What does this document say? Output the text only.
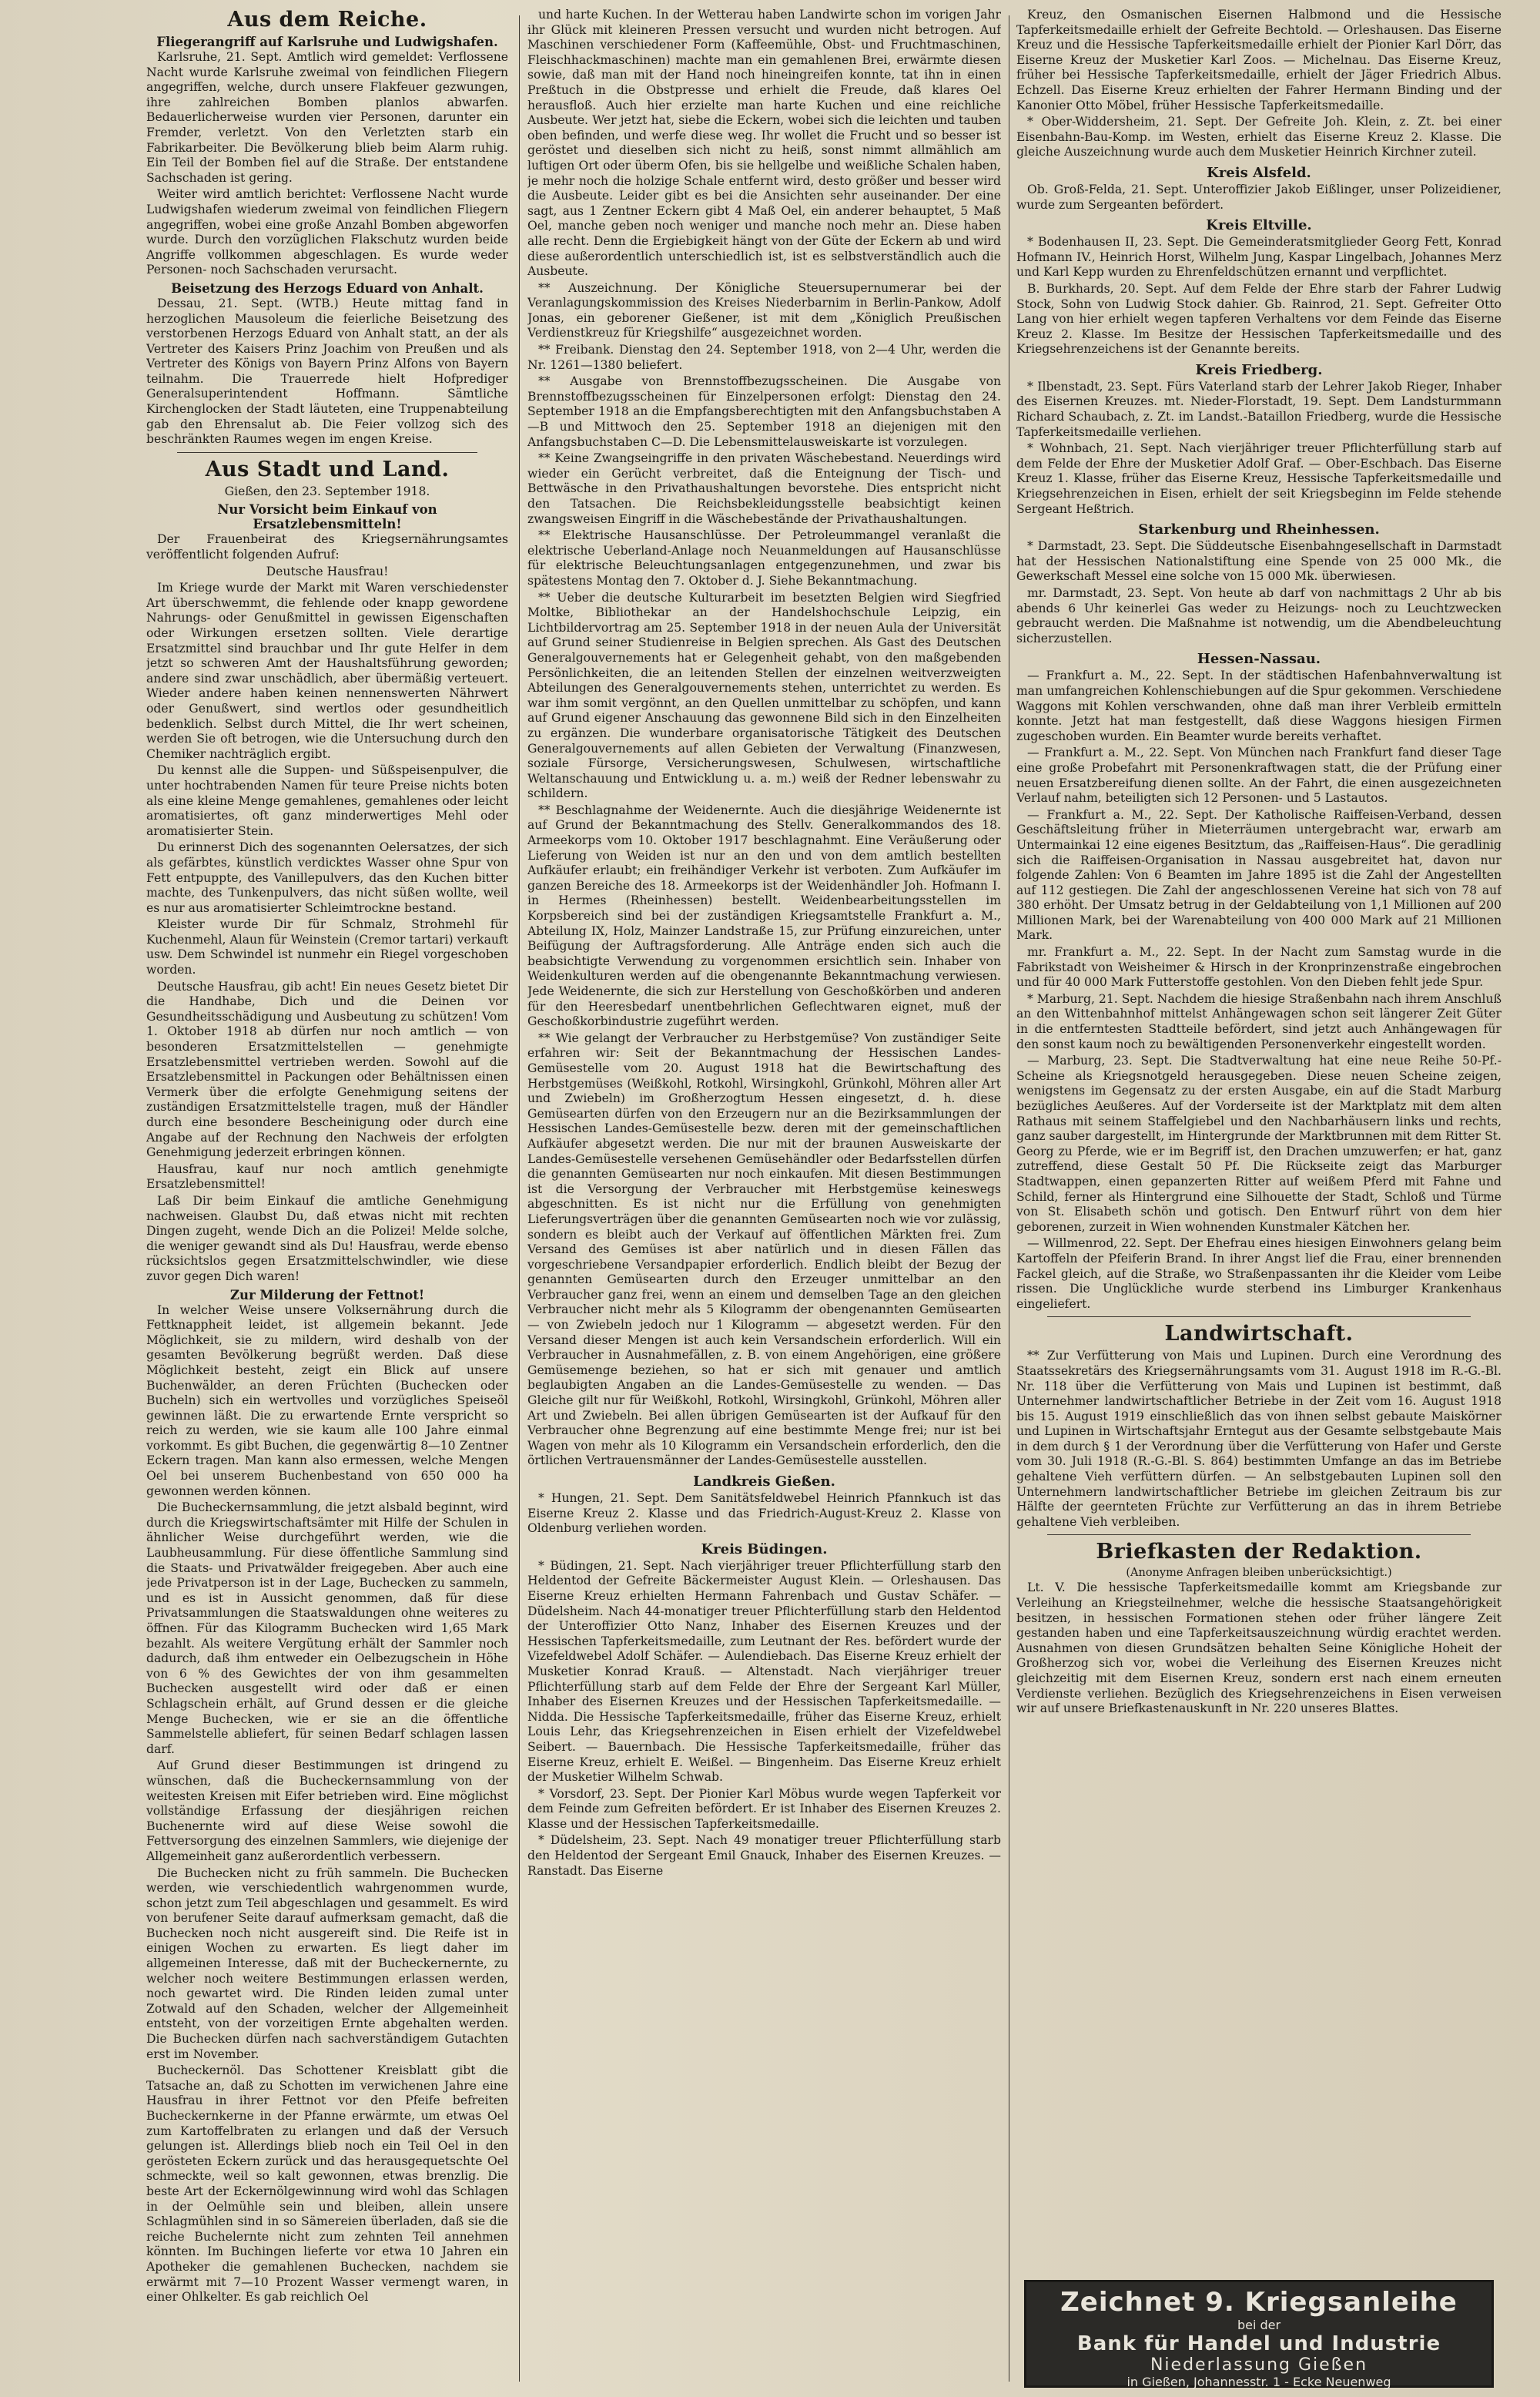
Aus dem Reiche.
Fliegerangriff auf Karlsruhe und Ludwigshafen.

Karlsruhe, 21. Sept. Amtlich wird gemeldet: Verflossene Nacht wurde Karlsruhe zweimal von feindlichen Fliegern angegriffen, welche, durch unsere Flakfeuer gezwungen, ihre zahlreichen Bomben planlos abwarfen. Bedauerlicherweise wurden vier Personen, darunter ein Fremder, verletzt. Von den Verletzten starb ein Fabrikarbeiter. Die Bevölkerung blieb beim Alarm ruhig. Ein Teil der Bomben fiel auf die Straße. Der entstandene Sachschaden ist gering.

Weiter wird amtlich berichtet: Verflossene Nacht wurde Ludwigshafen wiederum zweimal von feindlichen Fliegern angegriffen, wobei eine große Anzahl Bomben abgeworfen wurde. Durch den vorzüglichen Flakschutz wurden beide Angriffe vollkommen abgeschlagen. Es wurde weder Personen- noch Sachschaden verursacht.

Beisetzung des Herzogs Eduard von Anhalt.

Dessau, 21. Sept. (WTB.) Heute mittag fand in herzoglichen Mausoleum die feierliche Beisetzung des verstorbenen Herzogs Eduard von Anhalt statt, an der als Vertreter des Kaisers Prinz Joachim von Preußen und als Vertreter des Königs von Bayern Prinz Alfons von Bayern teilnahm. Die Trauerrede hielt Hofprediger Generalsuperintendent Hoffmann. Sämtliche Kirchenglocken der Stadt läuteten, eine Truppenabteilung gab den Ehrensalut ab. Die Feier vollzog sich des beschränkten Raumes wegen im engen Kreise.

Aus Stadt und Land.
Gießen, den 23. September 1918.
Nur Vorsicht beim Einkauf von Ersatzlebensmitteln!

Der Frauenbeirat des Kriegsernährungsamtes veröffentlicht folgenden Aufruf:

Deutsche Hausfrau!

Im Kriege wurde der Markt mit Waren verschiedenster Art überschwemmt, die fehlende oder knapp gewordene Nahrungs- oder Genußmittel in gewissen Eigenschaften oder Wirkungen ersetzen sollten. Viele derartige Ersatzmittel sind brauchbar und Ihr gute Helfer in dem jetzt so schweren Amt der Haushaltsführung geworden; andere sind zwar unschädlich, aber übermäßig verteuert. Wieder andere haben keinen nennenswerten Nährwert oder Genußwert, sind wertlos oder gesundheitlich bedenklich. Selbst durch Mittel, die Ihr wert scheinen, werden Sie oft betrogen, wie die Untersuchung durch den Chemiker nachträglich ergibt.

Du kennst alle die Suppen- und Süßspeisenpulver, die unter hochtrabenden Namen für teure Preise nichts boten als eine kleine Menge gemahlenes, gemahlenes oder leicht aromatisiertes, oft ganz minderwertiges Mehl oder aromatisierter Stein.

Du erinnerst Dich des sogenannten Oelersatzes, der sich als gefärbtes, künstlich verdicktes Wasser ohne Spur von Fett entpuppte, des Vanillepulvers, das den Kuchen bitter machte, des Tunkenpulvers, das nicht süßen wollte, weil es nur aus aromatisierter Schleimtrockne bestand.

Kleister wurde Dir für Schmalz, Strohmehl für Kuchenmehl, Alaun für Weinstein (Cremor tartari) verkauft usw. Dem Schwindel ist nunmehr ein Riegel vorgeschoben worden.

Deutsche Hausfrau, gib acht! Ein neues Gesetz bietet Dir die Handhabe, Dich und die Deinen vor Gesundheitsschädigung und Ausbeutung zu schützen! Vom 1. Oktober 1918 ab dürfen nur noch amtlich — von besonderen Ersatzmittelstellen — genehmigte Ersatzlebensmittel vertrieben werden. Sowohl auf die Ersatzlebensmittel in Packungen oder Behältnissen einen Vermerk über die erfolgte Genehmigung seitens der zuständigen Ersatzmittelstelle tragen, muß der Händler durch eine besondere Bescheinigung oder durch eine Angabe auf der Rechnung den Nachweis der erfolgten Genehmigung jederzeit erbringen können.

Hausfrau, kauf nur noch amtlich genehmigte Ersatzlebensmittel!

Laß Dir beim Einkauf die amtliche Genehmigung nachweisen. Glaubst Du, daß etwas nicht mit rechten Dingen zugeht, wende Dich an die Polizei! Melde solche, die weniger gewandt sind als Du! Hausfrau, werde ebenso rücksichtslos gegen Ersatzmittelschwindler, wie diese zuvor gegen Dich waren!

Zur Milderung der Fettnot!

In welcher Weise unsere Volksernährung durch die Fettknappheit leidet, ist allgemein bekannt. Jede Möglichkeit, sie zu mildern, wird deshalb von der gesamten Bevölkerung begrüßt werden. Daß diese Möglichkeit besteht, zeigt ein Blick auf unsere Buchenwälder, an deren Früchten (Buchecken oder Bucheln) sich ein wertvolles und vorzügliches Speiseöl gewinnen läßt. Die zu erwartende Ernte verspricht so reich zu werden, wie sie kaum alle 100 Jahre einmal vorkommt. Es gibt Buchen, die gegenwärtig 8—10 Zentner Eckern tragen. Man kann also ermessen, welche Mengen Oel bei unserem Buchenbestand von 650 000 ha gewonnen werden können.

Die Bucheckernsammlung, die jetzt alsbald beginnt, wird durch die Kriegswirtschaftsämter mit Hilfe der Schulen in ähnlicher Weise durchgeführt werden, wie die Laubheusammlung. Für diese öffentliche Sammlung sind die Staats- und Privatwälder freigegeben. Aber auch eine jede Privatperson ist in der Lage, Buchecken zu sammeln, und es ist in Aussicht genommen, daß für diese Privatsammlungen die Staatswaldungen ohne weiteres zu öffnen. Für das Kilogramm Buchecken wird 1,65 Mark bezahlt. Als weitere Vergütung erhält der Sammler noch dadurch, daß ihm entweder ein Oelbezugschein in Höhe von 6 % des Gewichtes der von ihm gesammelten Buchecken ausgestellt wird oder daß er einen Schlagschein erhält, auf Grund dessen er die gleiche Menge Buchecken, wie er sie an die öffentliche Sammelstelle abliefert, für seinen Bedarf schlagen lassen darf.

Auf Grund dieser Bestimmungen ist dringend zu wünschen, daß die Bucheckernsammlung von der weitesten Kreisen mit Eifer betrieben wird. Eine möglichst vollständige Erfassung der diesjährigen reichen Buchenernte wird auf diese Weise sowohl die Fettversorgung des einzelnen Sammlers, wie diejenige der Allgemeinheit ganz außerordentlich verbessern.

Die Buchecken nicht zu früh sammeln. Die Buchecken werden, wie verschiedentlich wahrgenommen wurde, schon jetzt zum Teil abgeschlagen und gesammelt. Es wird von berufener Seite darauf aufmerksam gemacht, daß die Buchecken noch nicht ausgereift sind. Die Reife ist in einigen Wochen zu erwarten. Es liegt daher im allgemeinen Interesse, daß mit der Bucheckernernte, zu welcher noch weitere Bestimmungen erlassen werden, noch gewartet wird. Die Rinden leiden zumal unter Zotwald auf den Schaden, welcher der Allgemeinheit entsteht, von der vorzeitigen Ernte abgehalten werden. Die Buchecken dürfen nach sachverständigem Gutachten erst im November.

Bucheckernöl. Das Schottener Kreisblatt gibt die Tatsache an, daß zu Schotten im verwichenen Jahre eine Hausfrau in ihrer Fettnot vor den Pfeife befreiten Bucheckernkerne in der Pfanne erwärmte, um etwas Oel zum Kartoffelbraten zu erlangen und daß der Versuch gelungen ist. Allerdings blieb noch ein Teil Oel in den gerösteten Eckern zurück und das herausgequetschte Oel schmeckte, weil so kalt gewonnen, etwas brenzlig. Die beste Art der Eckernölgewinnung wird wohl das Schlagen in der Oelmühle sein und bleiben, allein unsere Schlagmühlen sind in so Sämereien überladen, daß sie die reiche Buchelernte nicht zum zehnten Teil annehmen könnten. Im Buchingen lieferte vor etwa 10 Jahren ein Apotheker die gemahlenen Buchecken, nachdem sie erwärmt mit 7—10 Prozent Wasser vermengt waren, in einer Ohlkelter. Es gab reichlich Oel

und harte Kuchen. In der Wetterau haben Landwirte schon im vorigen Jahr ihr Glück mit kleineren Pressen versucht und wurden nicht betrogen. Auf Maschinen verschiedener Form (Kaffeemühle, Obst- und Fruchtmaschinen, Fleischhackmaschinen) machte man ein gemahlenen Brei, erwärmte diesen sowie, daß man mit der Hand noch hineingreifen konnte, tat ihn in einen Preßtuch in die Obstpresse und erhielt die Freude, daß klares Oel herausfloß. Auch hier erzielte man harte Kuchen und eine reichliche Ausbeute. Wer jetzt hat, siebe die Eckern, wobei sich die leichten und tauben oben befinden, und werfe diese weg. Ihr wollet die Frucht und so besser ist geröstet und dieselben sich nicht zu heiß, sonst nimmt allmählich am luftigen Ort oder überm Ofen, bis sie hellgelbe und weißliche Schalen haben, je mehr noch die holzige Schale entfernt wird, desto größer und besser wird die Ausbeute. Leider gibt es bei die Ansichten sehr auseinander. Der eine sagt, aus 1 Zentner Eckern gibt 4 Maß Oel, ein anderer behauptet, 5 Maß Oel, manche geben noch weniger und manche noch mehr an. Diese haben alle recht. Denn die Ergiebigkeit hängt von der Güte der Eckern ab und wird diese außerordentlich unterschiedlich ist, ist es selbstverständlich auch die Ausbeute.

** Auszeichnung. Der Königliche Steuersupernumerar bei der Veranlagungskommission des Kreises Niederbarnim in Berlin-Pankow, Adolf Jonas, ein geborener Gießener, ist mit dem „Königlich Preußischen Verdienstkreuz für Kriegshilfe“ ausgezeichnet worden.

** Freibank. Dienstag den 24. September 1918, von 2—4 Uhr, werden die Nr. 1261—1380 beliefert.

** Ausgabe von Brennstoffbezugsscheinen. Die Ausgabe von Brennstoffbezugsscheinen für Einzelpersonen erfolgt: Dienstag den 24. September 1918 an die Empfangsberechtigten mit den Anfangsbuchstaben A—B und Mittwoch den 25. September 1918 an diejenigen mit den Anfangsbuchstaben C—D. Die Lebensmittelausweiskarte ist vorzulegen.

** Keine Zwangseingriffe in den privaten Wäschebestand. Neuerdings wird wieder ein Gerücht verbreitet, daß die Enteignung der Tisch- und Bettwäsche in den Privathaushaltungen bevorstehe. Dies entspricht nicht den Tatsachen. Die Reichsbekleidungsstelle beabsichtigt keinen zwangsweisen Eingriff in die Wäschebestände der Privathaushaltungen.

** Elektrische Hausanschlüsse. Der Petroleummangel veranlaßt die elektrische Ueberland-Anlage noch Neuanmeldungen auf Hausanschlüsse für elektrische Beleuchtungsanlagen entgegenzunehmen, und zwar bis spätestens Montag den 7. Oktober d. J. Siehe Bekanntmachung.

** Ueber die deutsche Kulturarbeit im besetzten Belgien wird Siegfried Moltke, Bibliothekar an der Handelshochschule Leipzig, ein Lichtbildervortrag am 25. September 1918 in der neuen Aula der Universität auf Grund seiner Studienreise in Belgien sprechen. Als Gast des Deutschen Generalgouvernements hat er Gelegenheit gehabt, von den maßgebenden Persönlichkeiten, die an leitenden Stellen der einzelnen weitverzweigten Abteilungen des Generalgouvernements stehen, unterrichtet zu werden. Es war ihm somit vergönnt, an den Quellen unmittelbar zu schöpfen, und kann auf Grund eigener Anschauung das gewonnene Bild sich in den Einzelheiten zu ergänzen. Die wunderbare organisatorische Tätigkeit des Deutschen Generalgouvernements auf allen Gebieten der Verwaltung (Finanzwesen, soziale Fürsorge, Versicherungswesen, Schulwesen, wirtschaftliche Weltanschauung und Entwicklung u. a. m.) weiß der Redner lebenswahr zu schildern.

** Beschlagnahme der Weidenernte. Auch die diesjährige Weidenernte ist auf Grund der Bekanntmachung des Stellv. Generalkommandos des 18. Armeekorps vom 10. Oktober 1917 beschlagnahmt. Eine Veräußerung oder Lieferung von Weiden ist nur an den und von dem amtlich bestellten Aufkäufer erlaubt; ein freihändiger Verkehr ist verboten. Zum Aufkäufer im ganzen Bereiche des 18. Armeekorps ist der Weidenhändler Joh. Hofmann I. in Hermes (Rheinhessen) bestellt. Weidenbearbeitungsstellen im Korpsbereich sind bei der zuständigen Kriegsamtstelle Frankfurt a. M., Abteilung IX, Holz, Mainzer Landstraße 15, zur Prüfung einzureichen, unter Beifügung der Auftragsforderung. Alle Anträge enden sich auch die beabsichtigte Verwendung zu vorgenommen ersichtlich sein. Inhaber von Weidenkulturen werden auf die obengenannte Bekanntmachung verwiesen. Jede Weidenernte, die sich zur Herstellung von Geschoßkörben und anderen für den Heeresbedarf unentbehrlichen Geflechtwaren eignet, muß der Geschoßkorbindustrie zugeführt werden.

** Wie gelangt der Verbraucher zu Herbstgemüse? Von zuständiger Seite erfahren wir: Seit der Bekanntmachung der Hessischen Landes-Gemüsestelle vom 20. August 1918 hat die Bewirtschaftung des Herbstgemüses (Weißkohl, Rotkohl, Wirsingkohl, Grünkohl, Möhren aller Art und Zwiebeln) im Großherzogtum Hessen eingesetzt, d. h. diese Gemüsearten dürfen von den Erzeugern nur an die Bezirksammlungen der Hessischen Landes-Gemüsestelle bezw. deren mit der gemeinschaftlichen Aufkäufer abgesetzt werden. Die nur mit der braunen Ausweiskarte der Landes-Gemüsestelle versehenen Gemüsehändler oder Bedarfsstellen dürfen die genannten Gemüsearten nur noch einkaufen. Mit diesen Bestimmungen ist die Versorgung der Verbraucher mit Herbstgemüse keineswegs abgeschnitten. Es ist nicht nur die Erfüllung von genehmigten Lieferungsverträgen über die genannten Gemüsearten noch wie vor zulässig, sondern es bleibt auch der Verkauf auf öffentlichen Märkten frei. Zum Versand des Gemüses ist aber natürlich und in diesen Fällen das vorgeschriebene Versandpapier erforderlich. Endlich bleibt der Bezug der genannten Gemüsearten durch den Erzeuger unmittelbar an den Verbraucher ganz frei, wenn an einem und demselben Tage an den gleichen Verbraucher nicht mehr als 5 Kilogramm der obengenannten Gemüsearten — von Zwiebeln jedoch nur 1 Kilogramm — abgesetzt werden. Für den Versand dieser Mengen ist auch kein Versandschein erforderlich. Will ein Verbraucher in Ausnahmefällen, z. B. von einem Angehörigen, eine größere Gemüsemenge beziehen, so hat er sich mit genauer und amtlich beglaubigten Angaben an die Landes-Gemüsestelle zu wenden. — Das Gleiche gilt nur für Weißkohl, Rotkohl, Wirsingkohl, Grünkohl, Möhren aller Art und Zwiebeln. Bei allen übrigen Gemüsearten ist der Aufkauf für den Verbraucher ohne Begrenzung auf eine bestimmte Menge frei; nur ist bei Wagen von mehr als 10 Kilogramm ein Versandschein erforderlich, den die örtlichen Vertrauensmänner der Landes-Gemüsestelle ausstellen.

Landkreis Gießen.

* Hungen, 21. Sept. Dem Sanitätsfeldwebel Heinrich Pfannkuch ist das Eiserne Kreuz 2. Klasse und das Friedrich-August-Kreuz 2. Klasse von Oldenburg verliehen worden.

Kreis Büdingen.

* Büdingen, 21. Sept. Nach vierjähriger treuer Pflichterfüllung starb den Heldentod der Gefreite Bäckermeister August Klein. — Orleshausen. Das Eiserne Kreuz erhielten Hermann Fahrenbach und Gustav Schäfer. — Düdelsheim. Nach 44-monatiger treuer Pflichterfüllung starb den Heldentod der Unteroffizier Otto Nanz, Inhaber des Eisernen Kreuzes und der Hessischen Tapferkeitsmedaille, zum Leutnant der Res. befördert wurde der Vizefeldwebel Adolf Schäfer. — Aulendiebach. Das Eiserne Kreuz erhielt der Musketier Konrad Krauß. — Altenstadt. Nach vierjähriger treuer Pflichterfüllung starb auf dem Felde der Ehre der Sergeant Karl Müller, Inhaber des Eisernen Kreuzes und der Hessischen Tapferkeitsmedaille. — Nidda. Die Hessische Tapferkeitsmedaille, früher das Eiserne Kreuz, erhielt Louis Lehr, das Kriegsehrenzeichen in Eisen erhielt der Vizefeldwebel Seibert. — Bauernbach. Die Hessische Tapferkeitsmedaille, früher das Eiserne Kreuz, erhielt E. Weißel. — Bingenheim. Das Eiserne Kreuz erhielt der Musketier Wilhelm Schwab.

* Vorsdorf, 23. Sept. Der Pionier Karl Möbus wurde wegen Tapferkeit vor dem Feinde zum Gefreiten befördert. Er ist Inhaber des Eisernen Kreuzes 2. Klasse und der Hessischen Tapferkeitsmedaille.

* Düdelsheim, 23. Sept. Nach 49 monatiger treuer Pflichterfüllung starb den Heldentod der Sergeant Emil Gnauck, Inhaber des Eisernen Kreuzes. — Ranstadt. Das Eiserne

Kreuz, den Osmanischen Eisernen Halbmond und die Hessische Tapferkeitsmedaille erhielt der Gefreite Bechtold. — Orleshausen. Das Eiserne Kreuz und die Hessische Tapferkeitsmedaille erhielt der Pionier Karl Dörr, das Eiserne Kreuz der Musketier Karl Zoos. — Michelnau. Das Eiserne Kreuz, früher bei Hessische Tapferkeitsmedaille, erhielt der Jäger Friedrich Albus. Echzell. Das Eiserne Kreuz erhielten der Fahrer Hermann Binding und der Kanonier Otto Möbel, früher Hessische Tapferkeitsmedaille.

* Ober-Widdersheim, 21. Sept. Der Gefreite Joh. Klein, z. Zt. bei einer Eisenbahn-Bau-Komp. im Westen, erhielt das Eiserne Kreuz 2. Klasse. Die gleiche Auszeichnung wurde auch dem Musketier Heinrich Kirchner zuteil.

Kreis Alsfeld.

Ob. Groß-Felda, 21. Sept. Unteroffizier Jakob Eißlinger, unser Polizeidiener, wurde zum Sergeanten befördert.

Kreis Eltville.

* Bodenhausen II, 23. Sept. Die Gemeinderatsmitglieder Georg Fett, Konrad Hofmann IV., Heinrich Horst, Wilhelm Jung, Kaspar Lingelbach, Johannes Merz und Karl Kepp wurden zu Ehrenfeldschützen ernannt und verpflichtet.

B. Burkhards, 20. Sept. Auf dem Felde der Ehre starb der Fahrer Ludwig Stock, Sohn von Ludwig Stock dahier. Gb. Rainrod, 21. Sept. Gefreiter Otto Lang von hier erhielt wegen tapferen Verhaltens vor dem Feinde das Eiserne Kreuz 2. Klasse. Im Besitze der Hessischen Tapferkeitsmedaille und des Kriegsehrenzeichens ist der Genannte bereits.

Kreis Friedberg.

* Ilbenstadt, 23. Sept. Fürs Vaterland starb der Lehrer Jakob Rieger, Inhaber des Eisernen Kreuzes. mt. Nieder-Florstadt, 19. Sept. Dem Landsturmmann Richard Schaubach, z. Zt. im Landst.-Bataillon Friedberg, wurde die Hessische Tapferkeitsmedaille verliehen.

* Wohnbach, 21. Sept. Nach vierjähriger treuer Pflichterfüllung starb auf dem Felde der Ehre der Musketier Adolf Graf. — Ober-Eschbach. Das Eiserne Kreuz 1. Klasse, früher das Eiserne Kreuz, Hessische Tapferkeitsmedaille und Kriegsehrenzeichen in Eisen, erhielt der seit Kriegsbeginn im Felde stehende Sergeant Heßtrich.

Starkenburg und Rheinhessen.

* Darmstadt, 23. Sept. Die Süddeutsche Eisenbahngesellschaft in Darmstadt hat der Hessischen Nationalstiftung eine Spende von 25 000 Mk., die Gewerkschaft Messel eine solche von 15 000 Mk. überwiesen.

mr. Darmstadt, 23. Sept. Von heute ab darf von nachmittags 2 Uhr ab bis abends 6 Uhr keinerlei Gas weder zu Heizungs- noch zu Leuchtzwecken gebraucht werden. Die Maßnahme ist notwendig, um die Abendbeleuchtung sicherzustellen.

Hessen-Nassau.

— Frankfurt a. M., 22. Sept. In der städtischen Hafenbahnverwaltung ist man umfangreichen Kohlenschiebungen auf die Spur gekommen. Verschiedene Waggons mit Kohlen verschwanden, ohne daß man ihrer Verbleib ermitteln konnte. Jetzt hat man festgestellt, daß diese Waggons hiesigen Firmen zugeschoben wurden. Ein Beamter wurde bereits verhaftet.

— Frankfurt a. M., 22. Sept. Von München nach Frankfurt fand dieser Tage eine große Probefahrt mit Personenkraftwagen statt, die der Prüfung einer neuen Ersatzbereifung dienen sollte. An der Fahrt, die einen ausgezeichneten Verlauf nahm, beteiligten sich 12 Personen- und 5 Lastautos.

— Frankfurt a. M., 22. Sept. Der Katholische Raiffeisen-Verband, dessen Geschäftsleitung früher in Mieterräumen untergebracht war, erwarb am Untermainkai 12 eine eigenes Besitztum, das „Raiffeisen-Haus“. Die geradlinig sich die Raiffeisen-Organisation in Nassau ausgebreitet hat, davon nur folgende Zahlen: Von 6 Beamten im Jahre 1895 ist die Zahl der Angestellten auf 112 gestiegen. Die Zahl der angeschlossenen Vereine hat sich von 78 auf 380 erhöht. Der Umsatz betrug in der Geldabteilung von 1,1 Millionen auf 200 Millionen Mark, bei der Warenabteilung von 400 000 Mark auf 21 Millionen Mark.

mr. Frankfurt a. M., 22. Sept. In der Nacht zum Samstag wurde in die Fabrikstadt von Weisheimer & Hirsch in der Kronprinzenstraße eingebrochen und für 40 000 Mark Futterstoffe gestohlen. Von den Dieben fehlt jede Spur.

* Marburg, 21. Sept. Nachdem die hiesige Straßenbahn nach ihrem Anschluß an den Wittenbahnhof mittelst Anhängewagen schon seit längerer Zeit Güter in die entferntesten Stadtteile befördert, sind jetzt auch Anhängewagen für den sonst kaum noch zu bewältigenden Personenverkehr eingestellt worden.

— Marburg, 23. Sept. Die Stadtverwaltung hat eine neue Reihe 50-Pf.-Scheine als Kriegsnotgeld herausgegeben. Diese neuen Scheine zeigen, wenigstens im Gegensatz zu der ersten Ausgabe, ein auf die Stadt Marburg bezügliches Aeußeres. Auf der Vorderseite ist der Marktplatz mit dem alten Rathaus mit seinem Staffelgiebel und den Nachbarhäusern links und rechts, ganz sauber dargestellt, im Hintergrunde der Marktbrunnen mit dem Ritter St. Georg zu Pferde, wie er im Begriff ist, den Drachen umzuwerfen; er hat, ganz zutreffend, diese Gestalt 50 Pf. Die Rückseite zeigt das Marburger Stadtwappen, einen gepanzerten Ritter auf weißem Pferd mit Fahne und Schild, ferner als Hintergrund eine Silhouette der Stadt, Schloß und Türme von St. Elisabeth schön und gotisch. Den Entwurf rührt von dem hier geborenen, zurzeit in Wien wohnenden Kunstmaler Kätchen her.

— Willmenrod, 22. Sept. Der Ehefrau eines hiesigen Einwohners gelang beim Kartoffeln der Pfeiferin Brand. In ihrer Angst lief die Frau, einer brennenden Fackel gleich, auf die Straße, wo Straßenpassanten ihr die Kleider vom Leibe rissen. Die Unglückliche wurde sterbend ins Limburger Krankenhaus eingeliefert.

Landwirtschaft.

** Zur Verfütterung von Mais und Lupinen. Durch eine Verordnung des Staatssekretärs des Kriegsernährungsamts vom 31. August 1918 im R.-G.-Bl. Nr. 118 über die Verfütterung von Mais und Lupinen ist bestimmt, daß Unternehmer landwirtschaftlicher Betriebe in der Zeit vom 16. August 1918 bis 15. August 1919 einschließlich das von ihnen selbst gebaute Maiskörner und Lupinen in Wirtschaftsjahr Erntegut aus der Gesamte selbstgebaute Mais in dem durch § 1 der Verordnung über die Verfütterung von Hafer und Gerste vom 30. Juli 1918 (R.-G.-Bl. S. 864) bestimmten Umfange an das im Betriebe gehaltene Vieh verfüttern dürfen. — An selbstgebauten Lupinen soll den Unternehmern landwirtschaftlicher Betriebe im gleichen Zeitraum bis zur Hälfte der geernteten Früchte zur Verfütterung an das in ihrem Betriebe gehaltene Vieh verbleiben.

Briefkasten der Redaktion.
(Anonyme Anfragen bleiben unberücksichtigt.)

Lt. V. Die hessische Tapferkeitsmedaille kommt am Kriegsbande zur Verleihung an Kriegsteilnehmer, welche die hessische Staatsangehörigkeit besitzen, in hessischen Formationen stehen oder früher längere Zeit gestanden haben und eine Tapferkeitsauszeichnung würdig erachtet werden. Ausnahmen von diesen Grundsätzen behalten Seine Königliche Hoheit der Großherzog sich vor, wobei die Verleihung des Eisernen Kreuzes nicht gleichzeitig mit dem Eisernen Kreuz, sondern erst nach einem erneuten Verdienste verliehen. Bezüglich des Kriegsehrenzeichens in Eisen verweisen wir auf unsere Briefkastenauskunft in Nr. 220 unseres Blattes.

Zeichnet 9. Kriegsanleihe
bei der
Bank für Handel und Industrie
Niederlassung Gießen
in Gießen, Johannesstr. 1 - Ecke Neuenweg
